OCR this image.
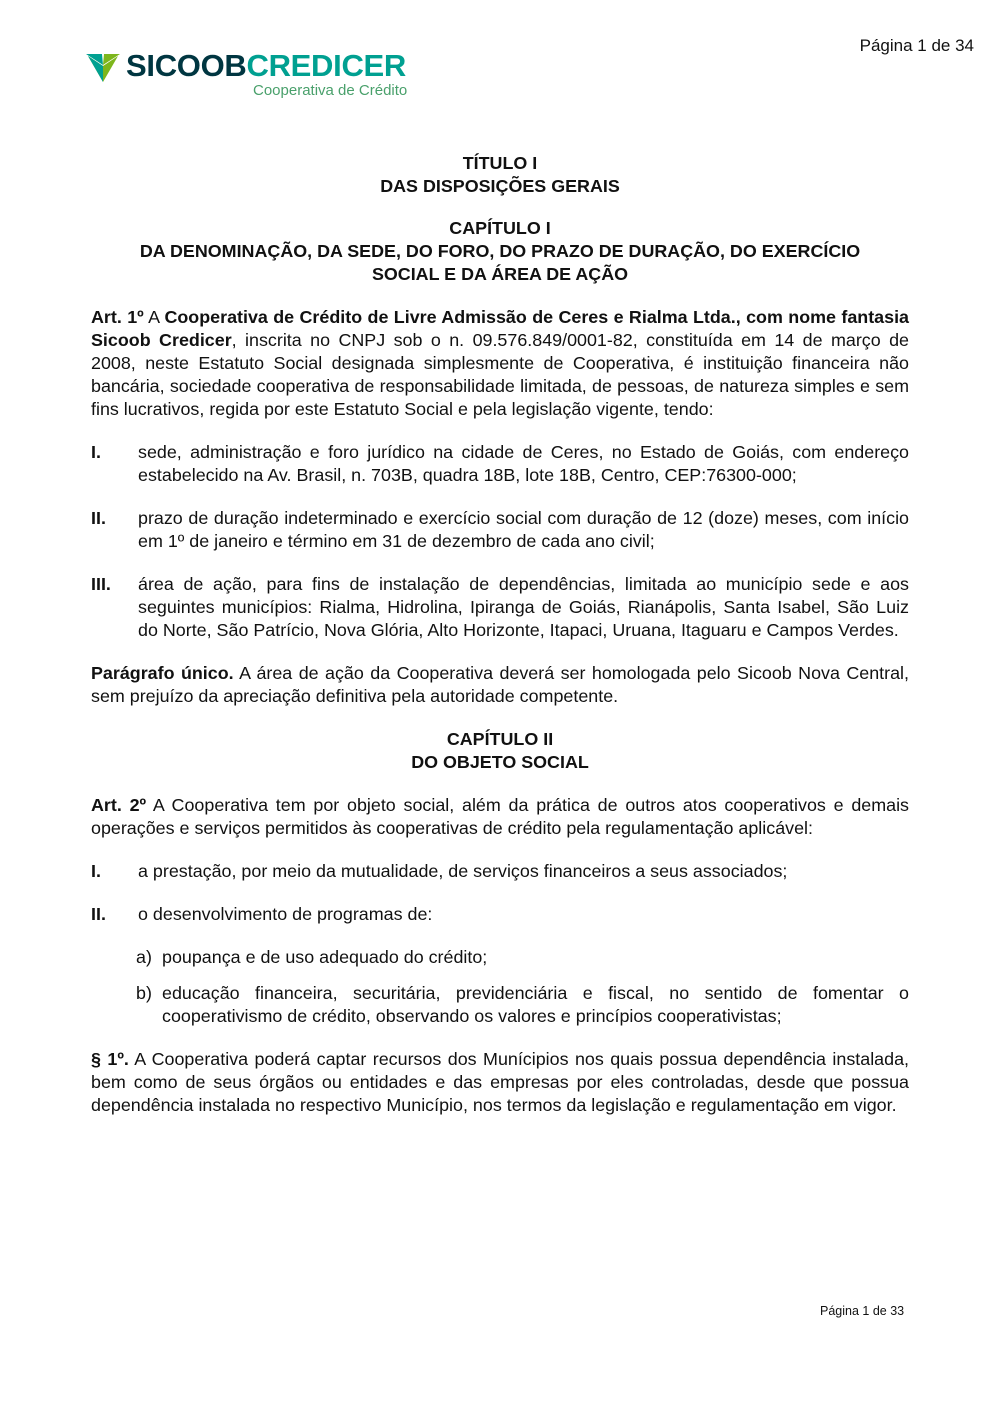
Página 1 de 34
SICOOBCREDICER
Cooperativa de Crédito
TÍTULO I
DAS DISPOSIÇÕES GERAIS
CAPÍTULO I
DA DENOMINAÇÃO, DA SEDE, DO FORO, DO PRAZO DE DURAÇÃO, DO EXERCÍCIO
SOCIAL E DA ÁREA DE AÇÃO

Art. 1º A Cooperativa de Crédito de Livre Admissão de Ceres e Rialma Ltda., com nome fantasia Sicoob Credicer, inscrita no CNPJ sob o n. 09.576.849/0001-82, constituída em 14 de março de 2008, neste Estatuto Social designada simplesmente de Cooperativa, é instituição financeira não bancária, sociedade cooperativa de responsabilidade limitada, de pessoas, de natureza simples e sem fins lucrativos, regida por este Estatuto Social e pela legislação vigente, tendo:

I.	sede, administração e foro jurídico na cidade de Ceres, no Estado de Goiás, com endereço estabelecido na Av. Brasil, n. 703B, quadra 18B, lote 18B, Centro, CEP:76300-000;
II.	prazo de duração indeterminado e exercício social com duração de 12 (doze) meses, com início em 1º de janeiro e término em 31 de dezembro de cada ano civil;
III.	área de ação, para fins de instalação de dependências, limitada ao município sede e aos seguintes municípios: Rialma, Hidrolina, Ipiranga de Goiás, Rianápolis, Santa Isabel, São Luiz do Norte, São Patrício, Nova Glória, Alto Horizonte, Itapaci, Uruana, Itaguaru e Campos Verdes.

Parágrafo único. A área de ação da Cooperativa deverá ser homologada pelo Sicoob Nova Central, sem prejuízo da apreciação definitiva pela autoridade competente.

CAPÍTULO II
DO OBJETO SOCIAL

Art. 2º A Cooperativa tem por objeto social, além da prática de outros atos cooperativos e demais operações e serviços permitidos às cooperativas de crédito pela regulamentação aplicável:

I.	a prestação, por meio da mutualidade, de serviços financeiros a seus associados;
II.	o desenvolvimento de programas de:
a) poupança e de uso adequado do crédito;
b) educação financeira, securitária, previdenciária e fiscal, no sentido de fomentar o cooperativismo de crédito, observando os valores e princípios cooperativistas;

§ 1º. A Cooperativa poderá captar recursos dos Munícipios nos quais possua dependência instalada, bem como de seus órgãos ou entidades e das empresas por eles controladas, desde que possua dependência instalada no respectivo Município, nos termos da legislação e regulamentação em vigor.

Página 1 de 33
